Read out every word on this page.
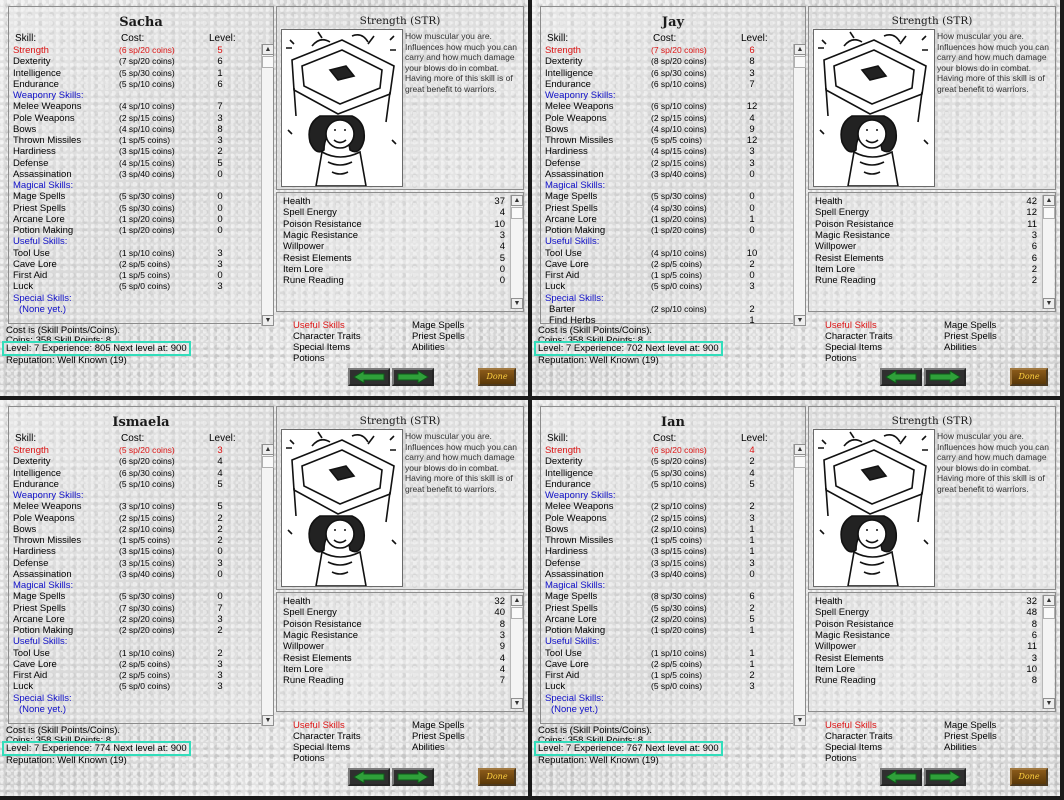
Sacha
Skill:	Cost:	Level:
Strength	(6 sp/20 coins)	5
Dexterity	(7 sp/20 coins)	6
Intelligence	(5 sp/30 coins)	1
Endurance	(5 sp/10 coins)	6
Weaponry Skills:
Melee Weapons	(4 sp/10 coins)	7
Pole Weapons	(2 sp/15 coins)	3
Bows	(4 sp/10 coins)	8
Thrown Missiles	(1 sp/5 coins)	3
Hardiness	(3 sp/15 coins)	2
Defense	(4 sp/15 coins)	5
Assassination	(3 sp/40 coins)	0
Magical Skills:
Mage Spells	(5 sp/30 coins)	0
Priest Spells	(5 sp/30 coins)	0
Arcane Lore	(1 sp/20 coins)	0
Potion Making	(1 sp/20 coins)	0
Useful Skills:
Tool Use	(1 sp/10 coins)	3
Cave Lore	(2 sp/5 coins)	3
First Aid	(1 sp/5 coins)	0
Luck	(5 sp/0 coins)	3
Special Skills:
(None yet.)
▲
▼
Cost is (Skill Points/Coins).
Coins: 358 Skill Points: 8
Level: 7 Experience: 805 Next level at: 900
Reputation: Well Known (19)
Strength (STR)
How muscular you are. Influences how much you can carry and how much damage your blows do in combat. Having more of this skill is of great benefit to warriors.
Health	37
Spell Energy	4
Poison Resistance	10
Magic Resistance	3
Willpower	4
Resist Elements	5
Item Lore	0
Rune Reading	0
▲
▼
Useful Skills
Character Traits
Special Items
Potions
Mage Spells
Priest Spells
Abilities
Done
Jay
Skill:	Cost:	Level:
Strength	(7 sp/20 coins)	6
Dexterity	(8 sp/20 coins)	8
Intelligence	(6 sp/30 coins)	3
Endurance	(6 sp/10 coins)	7
Weaponry Skills:
Melee Weapons	(6 sp/10 coins)	12
Pole Weapons	(2 sp/15 coins)	4
Bows	(4 sp/10 coins)	9
Thrown Missiles	(5 sp/5 coins)	12
Hardiness	(4 sp/15 coins)	3
Defense	(2 sp/15 coins)	3
Assassination	(3 sp/40 coins)	0
Magical Skills:
Mage Spells	(5 sp/30 coins)	0
Priest Spells	(4 sp/30 coins)	0
Arcane Lore	(1 sp/20 coins)	1
Potion Making	(1 sp/20 coins)	0
Useful Skills:
Tool Use	(4 sp/10 coins)	10
Cave Lore	(2 sp/5 coins)	2
First Aid	(1 sp/5 coins)	0
Luck	(5 sp/0 coins)	3
Special Skills:
Barter	(2 sp/10 coins)	2
Find Herbs	1
▲
▼
Cost is (Skill Points/Coins).
Coins: 358 Skill Points: 8
Level: 7 Experience: 702 Next level at: 900
Reputation: Well Known (19)
Strength (STR)
How muscular you are. Influences how much you can carry and how much damage your blows do in combat. Having more of this skill is of great benefit to warriors.
Health	42
Spell Energy	12
Poison Resistance	11
Magic Resistance	3
Willpower	6
Resist Elements	6
Item Lore	2
Rune Reading	2
▲
▼
Useful Skills
Character Traits
Special Items
Potions
Mage Spells
Priest Spells
Abilities
Done
Ismaela
Skill:	Cost:	Level:
Strength	(5 sp/20 coins)	3
Dexterity	(6 sp/20 coins)	4
Intelligence	(6 sp/30 coins)	4
Endurance	(5 sp/10 coins)	5
Weaponry Skills:
Melee Weapons	(3 sp/10 coins)	5
Pole Weapons	(2 sp/15 coins)	2
Bows	(2 sp/10 coins)	2
Thrown Missiles	(1 sp/5 coins)	2
Hardiness	(3 sp/15 coins)	0
Defense	(3 sp/15 coins)	3
Assassination	(3 sp/40 coins)	0
Magical Skills:
Mage Spells	(5 sp/30 coins)	0
Priest Spells	(7 sp/30 coins)	7
Arcane Lore	(2 sp/20 coins)	3
Potion Making	(2 sp/20 coins)	2
Useful Skills:
Tool Use	(1 sp/10 coins)	2
Cave Lore	(2 sp/5 coins)	3
First Aid	(2 sp/5 coins)	3
Luck	(5 sp/0 coins)	3
Special Skills:
(None yet.)
▲
▼
Cost is (Skill Points/Coins).
Coins: 358 Skill Points: 8
Level: 7 Experience: 774 Next level at: 900
Reputation: Well Known (19)
Strength (STR)
How muscular you are. Influences how much you can carry and how much damage your blows do in combat. Having more of this skill is of great benefit to warriors.
Health	32
Spell Energy	40
Poison Resistance	8
Magic Resistance	3
Willpower	9
Resist Elements	4
Item Lore	4
Rune Reading	7
▲
▼
Useful Skills
Character Traits
Special Items
Potions
Mage Spells
Priest Spells
Abilities
Done
Ian
Skill:	Cost:	Level:
Strength	(6 sp/20 coins)	4
Dexterity	(5 sp/20 coins)	2
Intelligence	(5 sp/30 coins)	4
Endurance	(5 sp/10 coins)	5
Weaponry Skills:
Melee Weapons	(2 sp/10 coins)	2
Pole Weapons	(2 sp/15 coins)	3
Bows	(2 sp/10 coins)	1
Thrown Missiles	(1 sp/5 coins)	1
Hardiness	(3 sp/15 coins)	1
Defense	(3 sp/15 coins)	3
Assassination	(3 sp/40 coins)	0
Magical Skills:
Mage Spells	(8 sp/30 coins)	6
Priest Spells	(5 sp/30 coins)	2
Arcane Lore	(2 sp/20 coins)	5
Potion Making	(1 sp/20 coins)	1
Useful Skills:
Tool Use	(1 sp/10 coins)	1
Cave Lore	(2 sp/5 coins)	1
First Aid	(1 sp/5 coins)	2
Luck	(5 sp/0 coins)	3
Special Skills:
(None yet.)
▲
▼
Cost is (Skill Points/Coins).
Coins: 358 Skill Points: 8
Level: 7 Experience: 767 Next level at: 900
Reputation: Well Known (19)
Strength (STR)
How muscular you are. Influences how much you can carry and how much damage your blows do in combat. Having more of this skill is of great benefit to warriors.
Health	32
Spell Energy	48
Poison Resistance	8
Magic Resistance	6
Willpower	11
Resist Elements	3
Item Lore	10
Rune Reading	8
▲
▼
Useful Skills
Character Traits
Special Items
Potions
Mage Spells
Priest Spells
Abilities
Done
